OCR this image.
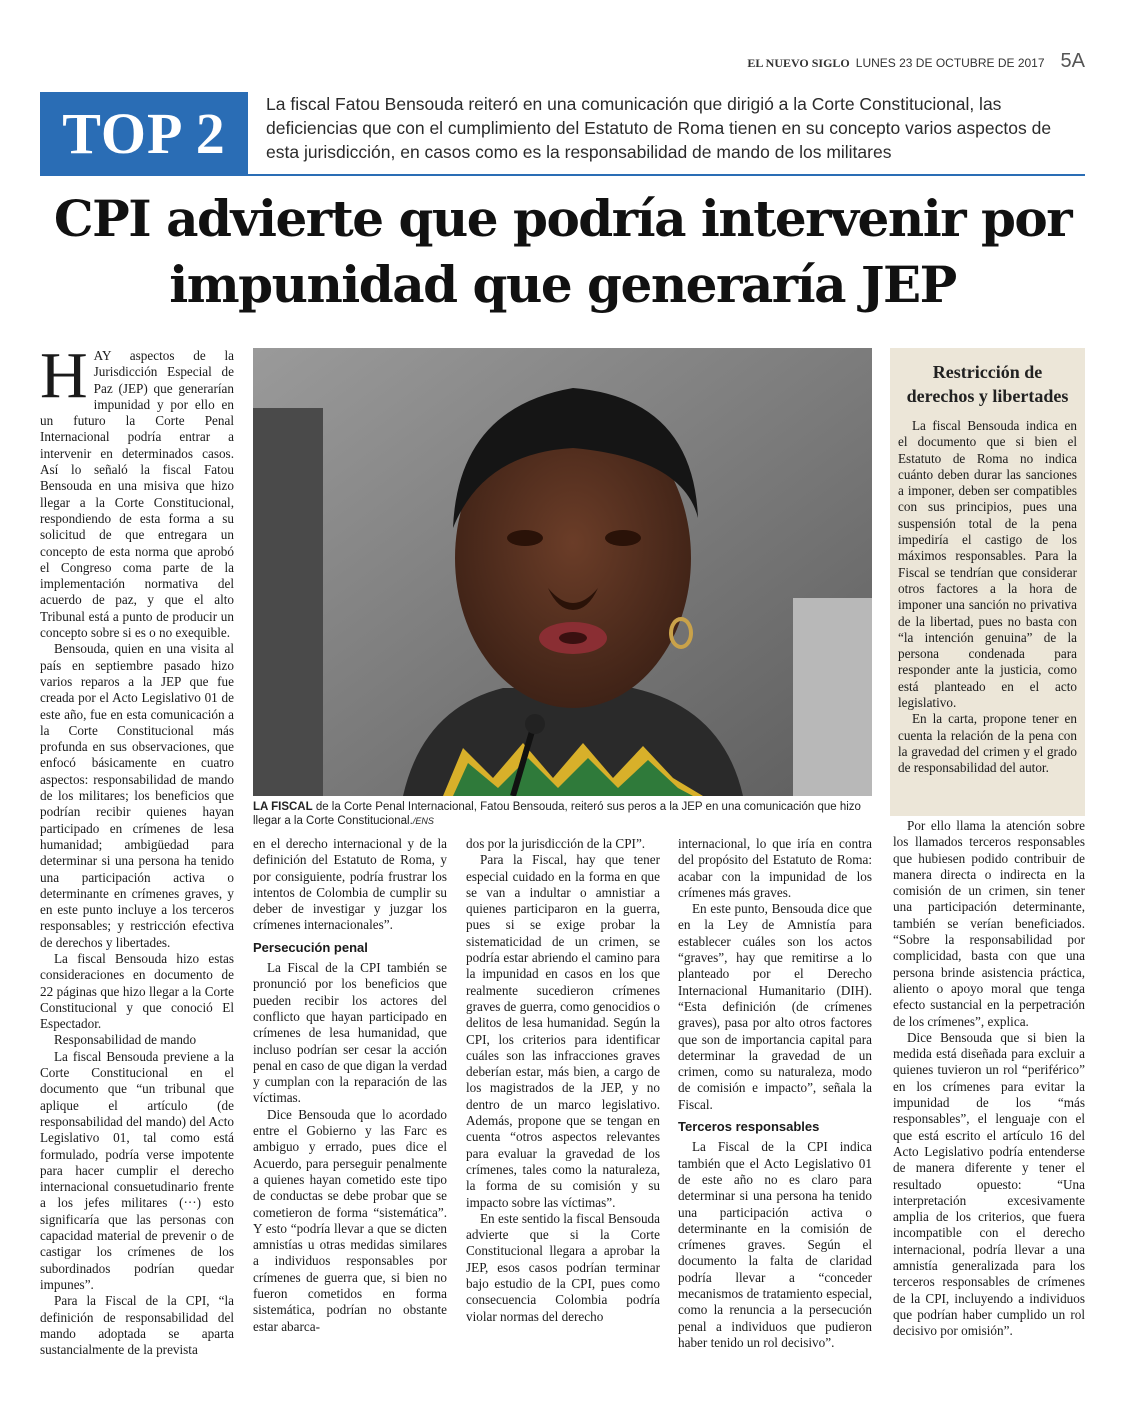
EL NUEVO SIGLO LUNES 23 DE OCTUBRE DE 2017 5A
TOP 2	La fiscal Fatou Bensouda reiteró en una comunicación que dirigió a la Corte Constitucional, las deficiencias que con el cumplimiento del Estatuto de Roma tienen en su concepto varios aspectos de esta jurisdicción, en casos como es la responsabilidad de mando de los militares
CPI advierte que podría intervenir por impunidad que generaría JEP

HAY aspectos de la Jurisdicción Especial de Paz (JEP) que generarían impunidad y por ello en un futuro la Corte Penal Internacional podría entrar a intervenir en determinados casos. Así lo señaló la fiscal Fatou Bensouda en una misiva que hizo llegar a la Corte Constitucional, respondiendo de esta forma a su solicitud de que entregara un concepto de esta norma que aprobó el Congreso coma parte de la implementación normativa del acuerdo de paz, y que el alto Tribunal está a punto de producir un concepto sobre si es o no exequible.

Bensouda, quien en una visita al país en septiembre pasado hizo varios reparos a la JEP que fue creada por el Acto Legislativo 01 de este año, fue en esta comunicación a la Corte Constitucional más profunda en sus observaciones, que enfocó básicamente en cuatro aspectos: responsabilidad de mando de los militares; los beneficios que podrían recibir quienes hayan participado en crímenes de lesa humanidad; ambigüedad para determinar si una persona ha tenido una participación activa o determinante en crímenes graves, y en este punto incluye a los terceros responsables; y restricción efectiva de derechos y libertades.

La fiscal Bensouda hizo estas consideraciones en documento de 22 páginas que hizo llegar a la Corte Constitucional y que conoció El Espectador.

Responsabilidad de mando

La fiscal Bensouda previene a la Corte Constitucional en el documento que “un tribunal que aplique el artículo (de responsabilidad del mando) del Acto Legislativo 01, tal como está formulado, podría verse impotente para hacer cumplir el derecho internacional consuetudinario frente a los jefes militares (···) esto significaría que las personas con capacidad material de prevenir o de castigar los crímenes de los subordinados podrían quedar impunes”.

Para la Fiscal de la CPI, “la definición de responsabilidad del mando adoptada se aparta sustancialmente de la prevista

LA FISCAL de la Corte Penal Internacional, Fatou Bensouda, reiteró sus peros a la JEP en una comunicación que hizo llegar a la Corte Constitucional./ENS

en el derecho internacional y de la definición del Estatuto de Roma, y por consiguiente, podría frustrar los intentos de Colombia de cumplir su deber de investigar y juzgar los crímenes internacionales”.

Persecución penal

La Fiscal de la CPI también se pronunció por los beneficios que pueden recibir los actores del conflicto que hayan participado en crímenes de lesa humanidad, que incluso podrían ser cesar la acción penal en caso de que digan la verdad y cumplan con la reparación de las víctimas.

Dice Bensouda que lo acordado entre el Gobierno y las Farc es ambiguo y errado, pues dice el Acuerdo, para perseguir penalmente a quienes hayan cometido este tipo de conductas se debe probar que se cometieron de forma “sistemática”. Y esto “podría llevar a que se dicten amnistías u otras medidas similares a individuos responsables por crímenes de guerra que, si bien no fueron cometidos en forma sistemática, podrían no obstante estar abarca-

dos por la jurisdicción de la CPI”.

Para la Fiscal, hay que tener especial cuidado en la forma en que se van a indultar o amnistiar a quienes participaron en la guerra, pues si se exige probar la sistematicidad de un crimen, se podría estar abriendo el camino para la impunidad en casos en los que realmente sucedieron crímenes graves de guerra, como genocidios o delitos de lesa humanidad. Según la CPI, los criterios para identificar cuáles son las infracciones graves deberían estar, más bien, a cargo de los magistrados de la JEP, y no dentro de un marco legislativo. Además, propone que se tengan en cuenta “otros aspectos relevantes para evaluar la gravedad de los crímenes, tales como la naturaleza, la forma de su comisión y su impacto sobre las víctimas”.

En este sentido la fiscal Bensouda advierte que si la Corte Constitucional llegara a aprobar la JEP, esos casos podrían terminar bajo estudio de la CPI, pues como consecuencia Colombia podría violar normas del derecho

internacional, lo que iría en contra del propósito del Estatuto de Roma: acabar con la impunidad de los crímenes más graves.

En este punto, Bensouda dice que en la Ley de Amnistía para establecer cuáles son los actos “graves”, hay que remitirse a lo planteado por el Derecho Internacional Humanitario (DIH). “Esta definición (de crímenes graves), pasa por alto otros factores que son de importancia capital para determinar la gravedad de un crimen, como su naturaleza, modo de comisión e impacto”, señala la Fiscal.

Terceros responsables

La Fiscal de la CPI indica también que el Acto Legislativo 01 de este año no es claro para determinar si una persona ha tenido una participación activa o determinante en la comisión de crímenes graves. Según el documento la falta de claridad podría llevar a “conceder mecanismos de tratamiento especial, como la renuncia a la persecución penal a individuos que pudieron haber tenido un rol decisivo”.

Restricción de derechos y libertades

La fiscal Bensouda indica en el documento que si bien el Estatuto de Roma no indica cuánto deben durar las sanciones a imponer, deben ser compatibles con sus principios, pues una suspensión total de la pena impediría el castigo de los máximos responsables. Para la Fiscal se tendrían que considerar otros factores a la hora de imponer una sanción no privativa de la libertad, pues no basta con “la intención genuina” de la persona condenada para responder ante la justicia, como está planteado en el acto legislativo.

En la carta, propone tener en cuenta la relación de la pena con la gravedad del crimen y el grado de responsabilidad del autor.

Por ello llama la atención sobre los llamados terceros responsables que hubiesen podido contribuir de manera directa o indirecta en la comisión de un crimen, sin tener una participación determinante, también se verían beneficiados. “Sobre la responsabilidad por complicidad, basta con que una persona brinde asistencia práctica, aliento o apoyo moral que tenga efecto sustancial en la perpetración de los crímenes”, explica.

Dice Bensouda que si bien la medida está diseñada para excluir a quienes tuvieron un rol “periférico” en los crímenes para evitar la impunidad de los “más responsables”, el lenguaje con el que está escrito el artículo 16 del Acto Legislativo podría entenderse de manera diferente y tener el resultado opuesto: “Una interpretación excesivamente amplia de los criterios, que fuera incompatible con el derecho internacional, podría llevar a una amnistía generalizada para los terceros responsables de crímenes de la CPI, incluyendo a individuos que podrían haber cumplido un rol decisivo por omisión”.
